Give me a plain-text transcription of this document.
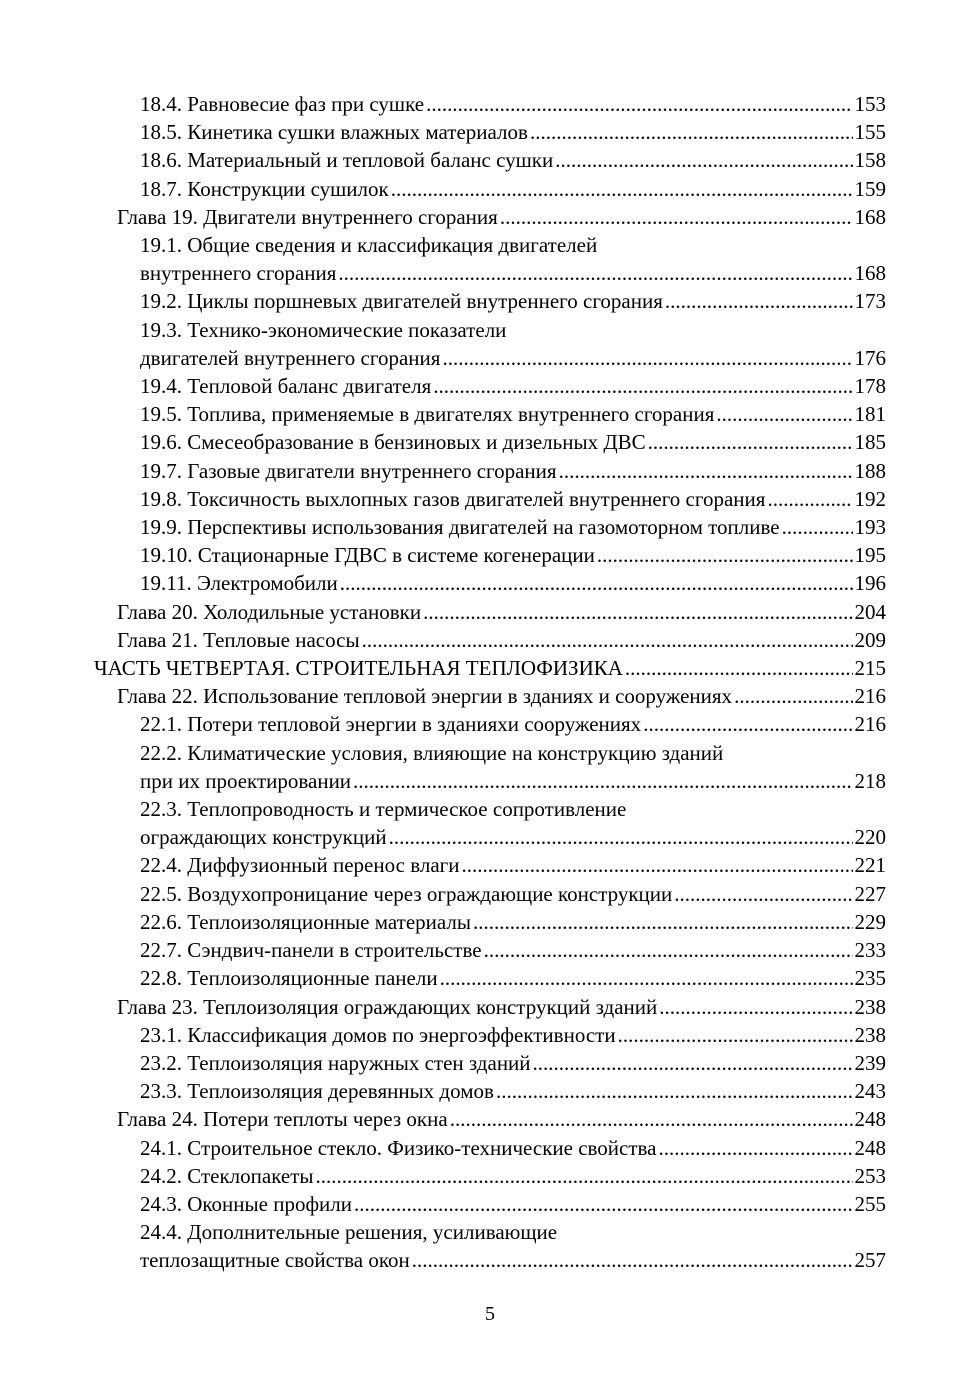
18.4. Равновесие фаз при сушке .....	153
18.5. Кинетика сушки влажных материалов .....	155
18.6. Материальный и тепловой баланс сушки .....	158
18.7. Конструкции сушилок .....	159
Глава 19. Двигатели внутреннего сгорания .....	168
19.1. Общие сведения и классификация двигателей
внутреннего сгорания .....	168
19.2. Циклы поршневых двигателей внутреннего сгорания .....	173
19.3. Технико-экономические показатели
двигателей внутреннего сгорания .....	176
19.4. Тепловой баланс двигателя .....	178
19.5. Топлива, применяемые в двигателях внутреннего сгорания .....	181
19.6. Смесеобразование в бензиновых и дизельных ДВС .....	185
19.7. Газовые двигатели внутреннего сгорания .....	188
19.8. Токсичность выхлопных газов двигателей внутреннего сгорания .....	192
19.9. Перспективы использования двигателей на газомоторном топливе .....	193
19.10. Стационарные ГДВС в системе когенерации .....	195
19.11. Электромобили .....	196
Глава 20. Холодильные установки .....	204
Глава 21. Тепловые насосы .....	209
ЧАСТЬ ЧЕТВЕРТАЯ. СТРОИТЕЛЬНАЯ ТЕПЛОФИЗИКА .....	215
Глава 22. Использование тепловой энергии в зданиях и сооружениях .....	216
22.1. Потери тепловой энергии в зданияхи сооружениях .....	216
22.2. Климатические условия, влияющие на конструкцию зданий
при их проектировании .....	218
22.3. Теплопроводность и термическое сопротивление
ограждающих конструкций .....	220
22.4. Диффузионный перенос влаги .....	221
22.5. Воздухопроницание через ограждающие конструкции .....	227
22.6. Теплоизоляционные материалы .....	229
22.7. Сэндвич-панели в строительстве .....	233
22.8. Теплоизоляционные панели .....	235
Глава 23. Теплоизоляция ограждающих конструкций зданий .....	238
23.1. Классификация домов по энергоэффективности .....	238
23.2. Теплоизоляция наружных стен зданий .....	239
23.3. Теплоизоляция деревянных домов .....	243
Глава 24. Потери теплоты через окна .....	248
24.1. Строительное стекло. Физико-технические свойства .....	248
24.2. Стеклопакеты .....	253
24.3. Оконные профили .....	255
24.4. Дополнительные решения, усиливающие
теплозащитные свойства окон .....	257
5
